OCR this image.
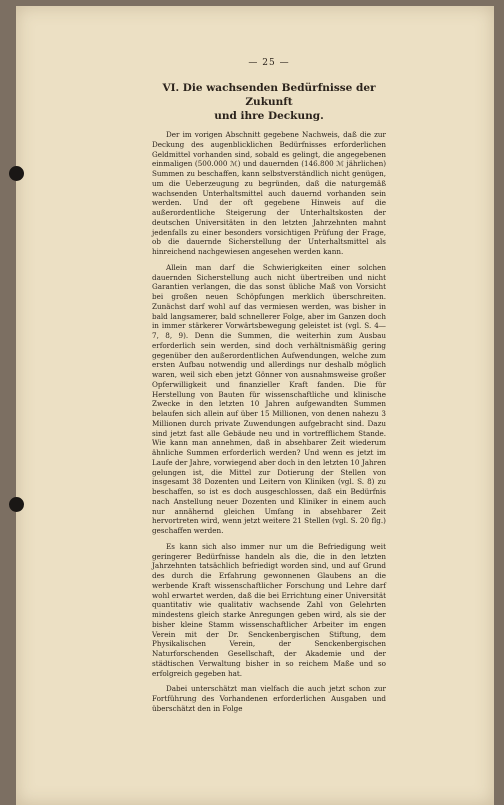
— 25 —
VI. Die wachsenden Bedürfnisse der Zukunft
und ihre Deckung.

Der im vorigen Abschnitt gegebene Nachweis, daß die zur Deckung des augenblicklichen Bedürfnisses erforderlichen Geldmittel vorhanden sind, sobald es gelingt, die angegebenen einmaligen (500.000 ℳ) und dauernden (146.800 ℳ jährlichen) Summen zu beschaffen, kann selbstverständlich nicht genügen, um die Ueberzeugung zu begründen, daß die naturgemäß wachsenden Unterhaltsmittel auch dauernd vorhanden sein werden. Und der oft gegebene Hinweis auf die außerordentliche Steigerung der Unterhaltskosten der deutschen Universitäten in den letzten Jahrzehnten mahnt jedenfalls zu einer besonders vorsichtigen Prüfung der Frage, ob die dauernde Sicherstellung der Unterhaltsmittel als hinreichend nachgewiesen angesehen werden kann.

Allein man darf die Schwierigkeiten einer solchen dauernden Sicherstellung auch nicht übertreiben und nicht Garantien verlangen, die das sonst übliche Maß von Vorsicht bei großen neuen Schöpfungen merklich überschreiten. Zunächst darf wohl auf das vermiesen werden, was bisher in bald langsamerer, bald schnellerer Folge, aber im Ganzen doch in immer stärkerer Vorwärtsbewegung geleistet ist (vgl. S. 4—7, 8, 9). Denn die Summen, die weiterhin zum Ausbau erforderlich sein werden, sind doch verhältnismäßig gering gegenüber den außerordentlichen Aufwendungen, welche zum ersten Aufbau notwendig und allerdings nur deshalb möglich waren, weil sich eben jetzt Gönner von ausnahmsweise großer Opferwilligkeit und finanzieller Kraft fanden. Die für Herstellung von Bauten für wissenschaftliche und klinische Zwecke in den letzten 10 Jahren aufgewandten Summen belaufen sich allein auf über 15 Millionen, von denen nahezu 3 Millionen durch private Zuwendungen aufgebracht sind. Dazu sind jetzt fast alle Gebäude neu und in vortrefflichem Stande. Wie kann man annehmen, daß in absehbarer Zeit wiederum ähnliche Summen erforderlich werden? Und wenn es jetzt im Laufe der Jahre, vorwiegend aber doch in den letzten 10 Jahren gelungen ist, die Mittel zur Dotierung der Stellen von insgesamt 38 Dozenten und Leitern von Kliniken (vgl. S. 8) zu beschaffen, so ist es doch ausgeschlossen, daß ein Bedürfnis nach Anstellung neuer Dozenten und Kliniker in einem auch nur annähernd gleichen Umfang in absehbarer Zeit hervortreten wird, wenn jetzt weitere 21 Stellen (vgl. S. 20 flg.) geschaffen werden.

Es kann sich also immer nur um die Befriedigung weit geringerer Bedürfnisse handeln als die, die in den letzten Jahrzehnten tatsächlich befriedigt worden sind, und auf Grund des durch die Erfahrung gewonnenen Glaubens an die werbende Kraft wissenschaftlicher Forschung und Lehre darf wohl erwartet werden, daß die bei Errichtung einer Universität quantitativ wie qualitativ wachsende Zahl von Gelehrten mindestens gleich starke Anregungen geben wird, als sie der bisher kleine Stamm wissenschaftlicher Arbeiter im engen Verein mit der Dr. Senckenbergischen Stiftung, dem Physikalischen Verein, der Senckenbergischen Naturforschenden Gesellschaft, der Akademie und der städtischen Verwaltung bisher in so reichem Maße und so erfolgreich gegeben hat.

Dabei unterschätzt man vielfach die auch jetzt schon zur Fortführung des Vorhandenen erforderlichen Ausgaben und überschätzt den in Folge
